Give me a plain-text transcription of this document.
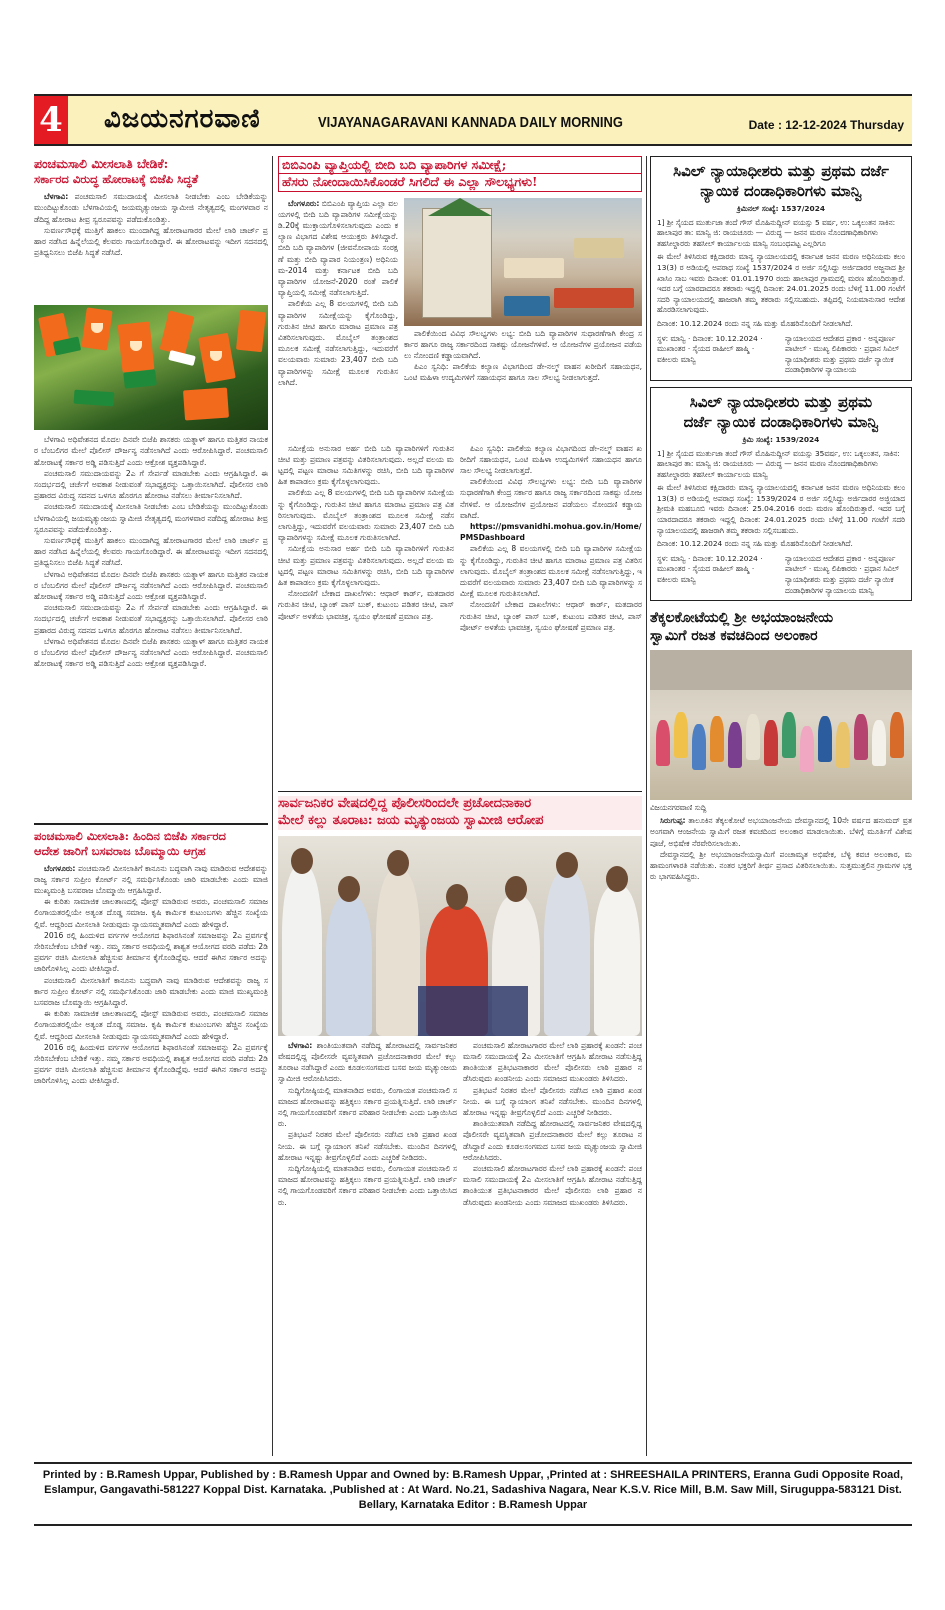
4 ವಿಜಯನಗರವಾಣಿ	VIJAYANAGARAVANI KANNADA DAILY MORNING	Date : 12-12-2024 Thursday
ಪಂಚಮಸಾಲಿ ಮೀಸಲಾತಿ ಬೇಡಿಕೆ:
ಸರ್ಕಾರದ ವಿರುದ್ಧ ಹೋರಾಟಕ್ಕೆ ಬಿಜೆಪಿ ಸಿದ್ಧತೆ

ಬೆಳಗಾವಿ: ಪಂಚಮಸಾಲಿ ಸಮುದಾಯಕ್ಕೆ ಮೀಸಲಾತಿ ನೀಡಬೇಕು ಎಂಬ ಬೇಡಿಕೆಯನ್ನು ಮುಂದಿಟ್ಟುಕೊಂಡು ಬೆಳಗಾವಿಯಲ್ಲಿ ಜಯಮೃತ್ಯುಂಜಯ ಸ್ವಾಮೀಜಿ ನೇತೃತ್ವದಲ್ಲಿ ಮಂಗಳವಾರ ನಡೆದಿದ್ದ ಹೋರಾಟ ತೀವ್ರ ಸ್ವರೂಪವನ್ನು ಪಡೆದುಕೊಂಡಿತ್ತು.

ಸುವರ್ಣಸೌಧಕ್ಕೆ ಮುತ್ತಿಗೆ ಹಾಕಲು ಮುಂದಾಗಿದ್ದ ಹೋರಾಟಗಾರರ ಮೇಲೆ ಲಾಠಿ ಚಾರ್ಜ್ ಪ್ರಹಾರ ನಡೆಸಿದ ಹಿನ್ನೆಲೆಯಲ್ಲಿ ಕೆಲವರು ಗಾಯಗೊಂಡಿದ್ದಾರೆ. ಈ ಹೋರಾಟವನ್ನು ಇದೀಗ ಸದನದಲ್ಲಿ ಪ್ರತಿಧ್ವನಿಸಲು ಬಿಜೆಪಿ ಸಿದ್ಧತೆ ನಡೆಸಿದೆ.

ಬೆಳಗಾವಿ ಅಧಿವೇಶನದ ಮೊದಲ ದಿನವೇ ಬಿಜೆಪಿ ಶಾಸಕರು ಯತ್ನಾಳ್ ಹಾಗೂ ಮತ್ತಿತರ ನಾಯಕರ ಬೆಂಬಲಿಗರ ಮೇಲೆ ಪೊಲೀಸ್ ದೌರ್ಜನ್ಯ ನಡೆಸಲಾಗಿದೆ ಎಂದು ಆರೋಪಿಸಿದ್ದಾರೆ. ಪಂಚಮಸಾಲಿ ಹೋರಾಟಕ್ಕೆ ಸರ್ಕಾರ ಅಡ್ಡಿ ಪಡಿಸುತ್ತಿದೆ ಎಂದು ಆಕ್ರೋಶ ವ್ಯಕ್ತಪಡಿಸಿದ್ದಾರೆ.

ಪಂಚಮಸಾಲಿ ಸಮುದಾಯವನ್ನು 2ಎ ಗೆ ಸೇರ್ಪಡೆ ಮಾಡಬೇಕು ಎಂದು ಆಗ್ರಹಿಸಿದ್ದಾರೆ. ಈ ಸಂದರ್ಭದಲ್ಲಿ ಚರ್ಚೆಗೆ ಅವಕಾಶ ನೀಡುವಂತೆ ಸಭಾಧ್ಯಕ್ಷರನ್ನು ಒತ್ತಾಯಿಸಲಾಗಿದೆ. ಪೊಲೀಸರ ಲಾಠಿ ಪ್ರಹಾರದ ವಿರುದ್ಧ ಸದನದ ಒಳಗೂ ಹೊರಗೂ ಹೋರಾಟ ನಡೆಸಲು ತೀರ್ಮಾನಿಸಲಾಗಿದೆ.

ಪಂಚಮಸಾಲಿ ಸಮುದಾಯಕ್ಕೆ ಮೀಸಲಾತಿ ನೀಡಬೇಕು ಎಂಬ ಬೇಡಿಕೆಯನ್ನು ಮುಂದಿಟ್ಟುಕೊಂಡು ಬೆಳಗಾವಿಯಲ್ಲಿ ಜಯಮೃತ್ಯುಂಜಯ ಸ್ವಾಮೀಜಿ ನೇತೃತ್ವದಲ್ಲಿ ಮಂಗಳವಾರ ನಡೆದಿದ್ದ ಹೋರಾಟ ತೀವ್ರ ಸ್ವರೂಪವನ್ನು ಪಡೆದುಕೊಂಡಿತ್ತು.

ಸುವರ್ಣಸೌಧಕ್ಕೆ ಮುತ್ತಿಗೆ ಹಾಕಲು ಮುಂದಾಗಿದ್ದ ಹೋರಾಟಗಾರರ ಮೇಲೆ ಲಾಠಿ ಚಾರ್ಜ್ ಪ್ರಹಾರ ನಡೆಸಿದ ಹಿನ್ನೆಲೆಯಲ್ಲಿ ಕೆಲವರು ಗಾಯಗೊಂಡಿದ್ದಾರೆ. ಈ ಹೋರಾಟವನ್ನು ಇದೀಗ ಸದನದಲ್ಲಿ ಪ್ರತಿಧ್ವನಿಸಲು ಬಿಜೆಪಿ ಸಿದ್ಧತೆ ನಡೆಸಿದೆ.

ಬೆಳಗಾವಿ ಅಧಿವೇಶನದ ಮೊದಲ ದಿನವೇ ಬಿಜೆಪಿ ಶಾಸಕರು ಯತ್ನಾಳ್ ಹಾಗೂ ಮತ್ತಿತರ ನಾಯಕರ ಬೆಂಬಲಿಗರ ಮೇಲೆ ಪೊಲೀಸ್ ದೌರ್ಜನ್ಯ ನಡೆಸಲಾಗಿದೆ ಎಂದು ಆರೋಪಿಸಿದ್ದಾರೆ. ಪಂಚಮಸಾಲಿ ಹೋರಾಟಕ್ಕೆ ಸರ್ಕಾರ ಅಡ್ಡಿ ಪಡಿಸುತ್ತಿದೆ ಎಂದು ಆಕ್ರೋಶ ವ್ಯಕ್ತಪಡಿಸಿದ್ದಾರೆ.

ಪಂಚಮಸಾಲಿ ಸಮುದಾಯವನ್ನು 2ಎ ಗೆ ಸೇರ್ಪಡೆ ಮಾಡಬೇಕು ಎಂದು ಆಗ್ರಹಿಸಿದ್ದಾರೆ. ಈ ಸಂದರ್ಭದಲ್ಲಿ ಚರ್ಚೆಗೆ ಅವಕಾಶ ನೀಡುವಂತೆ ಸಭಾಧ್ಯಕ್ಷರನ್ನು ಒತ್ತಾಯಿಸಲಾಗಿದೆ. ಪೊಲೀಸರ ಲಾಠಿ ಪ್ರಹಾರದ ವಿರುದ್ಧ ಸದನದ ಒಳಗೂ ಹೊರಗೂ ಹೋರಾಟ ನಡೆಸಲು ತೀರ್ಮಾನಿಸಲಾಗಿದೆ.

ಬೆಳಗಾವಿ ಅಧಿವೇಶನದ ಮೊದಲ ದಿನವೇ ಬಿಜೆಪಿ ಶಾಸಕರು ಯತ್ನಾಳ್ ಹಾಗೂ ಮತ್ತಿತರ ನಾಯಕರ ಬೆಂಬಲಿಗರ ಮೇಲೆ ಪೊಲೀಸ್ ದೌರ್ಜನ್ಯ ನಡೆಸಲಾಗಿದೆ ಎಂದು ಆರೋಪಿಸಿದ್ದಾರೆ. ಪಂಚಮಸಾಲಿ ಹೋರಾಟಕ್ಕೆ ಸರ್ಕಾರ ಅಡ್ಡಿ ಪಡಿಸುತ್ತಿದೆ ಎಂದು ಆಕ್ರೋಶ ವ್ಯಕ್ತಪಡಿಸಿದ್ದಾರೆ.

ಪಂಚಮಸಾಲಿ ಮೀಸಲಾತಿ: ಹಿಂದಿನ ಬಿಜೆಪಿ ಸರ್ಕಾರದ
ಆದೇಶ ಜಾರಿಗೆ ಬಸವರಾಜ ಬೊಮ್ಮಾಯಿ ಆಗ್ರಹ

ಬೆಂಗಳೂರು: ಪಂಚಮಸಾಲಿ ಮೀಸಲಾತಿಗೆ ಕಾನೂನು ಬದ್ಧವಾಗಿ ನಾವು ಮಾಡಿರುವ ಆದೇಶವನ್ನು ರಾಜ್ಯ ಸರ್ಕಾರ ಸುಪ್ರೀಂ ಕೋರ್ಟ್ ನಲ್ಲಿ ಸಮರ್ಥಿಸಿಕೊಂಡು ಜಾರಿ ಮಾಡಬೇಕು ಎಂದು ಮಾಜಿ ಮುಖ್ಯಮಂತ್ರಿ ಬಸವರಾಜ ಬೊಮ್ಮಾಯಿ ಆಗ್ರಹಿಸಿದ್ದಾರೆ.

ಈ ಕುರಿತು ಸಾಮಾಜಿಕ ಜಾಲತಾಣದಲ್ಲಿ ಪೋಸ್ಟ್ ಮಾಡಿರುವ ಅವರು, ಪಂಚಮಸಾಲಿ ಸಮಾಜ ಲಿಂಗಾಯತರಲ್ಲಿಯೇ ಅತ್ಯಂತ ದೊಡ್ಡ ಸಮಾಜ. ಕೃಷಿ ಕಾರ್ಮಿಕ ಕುಟುಂಬಗಳು ಹೆಚ್ಚಿನ ಸಂಖ್ಯೆಯಲ್ಲಿವೆ. ಆದ್ದರಿಂದ ಮೀಸಲಾತಿ ನೀಡುವುದು ನ್ಯಾಯಸಮ್ಮತವಾಗಿದೆ ಎಂದು ಹೇಳಿದ್ದಾರೆ.

2016 ರಲ್ಲಿ ಹಿಂದುಳಿದ ವರ್ಗಗಳ ಆಯೋಗದ ಶಿಫಾರಸಿನಂತೆ ಸಮಾಜವನ್ನು 2ಎ ಪ್ರವರ್ಗಕ್ಕೆ ಸೇರಿಸಬೇಕೆಂಬ ಬೇಡಿಕೆ ಇತ್ತು. ನಮ್ಮ ಸರ್ಕಾರ ಅವಧಿಯಲ್ಲಿ ಶಾಶ್ವತ ಆಯೋಗದ ವರದಿ ಪಡೆದು 2ಡಿ ಪ್ರವರ್ಗ ರಚಿಸಿ ಮೀಸಲಾತಿ ಹೆಚ್ಚಿಸುವ ತೀರ್ಮಾನ ಕೈಗೊಂಡಿದ್ದೆವು. ಆದರೆ ಈಗಿನ ಸರ್ಕಾರ ಅದನ್ನು ಜಾರಿಗೊಳಿಸಿಲ್ಲ ಎಂದು ಟೀಕಿಸಿದ್ದಾರೆ.

ಪಂಚಮಸಾಲಿ ಮೀಸಲಾತಿಗೆ ಕಾನೂನು ಬದ್ಧವಾಗಿ ನಾವು ಮಾಡಿರುವ ಆದೇಶವನ್ನು ರಾಜ್ಯ ಸರ್ಕಾರ ಸುಪ್ರೀಂ ಕೋರ್ಟ್ ನಲ್ಲಿ ಸಮರ್ಥಿಸಿಕೊಂಡು ಜಾರಿ ಮಾಡಬೇಕು ಎಂದು ಮಾಜಿ ಮುಖ್ಯಮಂತ್ರಿ ಬಸವರಾಜ ಬೊಮ್ಮಾಯಿ ಆಗ್ರಹಿಸಿದ್ದಾರೆ.

ಈ ಕುರಿತು ಸಾಮಾಜಿಕ ಜಾಲತಾಣದಲ್ಲಿ ಪೋಸ್ಟ್ ಮಾಡಿರುವ ಅವರು, ಪಂಚಮಸಾಲಿ ಸಮಾಜ ಲಿಂಗಾಯತರಲ್ಲಿಯೇ ಅತ್ಯಂತ ದೊಡ್ಡ ಸಮಾಜ. ಕೃಷಿ ಕಾರ್ಮಿಕ ಕುಟುಂಬಗಳು ಹೆಚ್ಚಿನ ಸಂಖ್ಯೆಯಲ್ಲಿವೆ. ಆದ್ದರಿಂದ ಮೀಸಲಾತಿ ನೀಡುವುದು ನ್ಯಾಯಸಮ್ಮತವಾಗಿದೆ ಎಂದು ಹೇಳಿದ್ದಾರೆ.

2016 ರಲ್ಲಿ ಹಿಂದುಳಿದ ವರ್ಗಗಳ ಆಯೋಗದ ಶಿಫಾರಸಿನಂತೆ ಸಮಾಜವನ್ನು 2ಎ ಪ್ರವರ್ಗಕ್ಕೆ ಸೇರಿಸಬೇಕೆಂಬ ಬೇಡಿಕೆ ಇತ್ತು. ನಮ್ಮ ಸರ್ಕಾರ ಅವಧಿಯಲ್ಲಿ ಶಾಶ್ವತ ಆಯೋಗದ ವರದಿ ಪಡೆದು 2ಡಿ ಪ್ರವರ್ಗ ರಚಿಸಿ ಮೀಸಲಾತಿ ಹೆಚ್ಚಿಸುವ ತೀರ್ಮಾನ ಕೈಗೊಂಡಿದ್ದೆವು. ಆದರೆ ಈಗಿನ ಸರ್ಕಾರ ಅದನ್ನು ಜಾರಿಗೊಳಿಸಿಲ್ಲ ಎಂದು ಟೀಕಿಸಿದ್ದಾರೆ.

ಬಿಬಿಎಂಪಿ ವ್ಯಾಪ್ತಿಯಲ್ಲಿ ಬೀದಿ ಬದಿ ವ್ಯಾಪಾರಿಗಳ ಸಮೀಕ್ಷೆ;
ಹೆಸರು ನೋಂದಾಯಿಸಿಕೊಂಡರೆ ಸಿಗಲಿದೆ ಈ ಎಲ್ಲಾ ಸೌಲಭ್ಯಗಳು!

ಬೆಂಗಳೂರು: ಬಿಬಿಎಂಪಿ ವ್ಯಾಪ್ತಿಯ ಎಲ್ಲಾ ವಲಯಗಳಲ್ಲಿ ಬೀದಿ ಬದಿ ವ್ಯಾಪಾರಿಗಳ ಸಮೀಕ್ಷೆಯನ್ನು ಡಿ.20ಕ್ಕೆ ಮುಕ್ತಾಯಗೊಳಿಸಲಾಗುವುದು ಎಂದು ಕಲ್ಯಾಣ ವಿಭಾಗದ ವಿಶೇಷ ಆಯುಕ್ತರು ತಿಳಿಸಿದ್ದಾರೆ. ಬೀದಿ ಬದಿ ವ್ಯಾಪಾರಿಗಳ (ಜೀವನೋಪಾಯ ಸಂರಕ್ಷಣೆ ಮತ್ತು ಬೀದಿ ವ್ಯಾಪಾರ ನಿಯಂತ್ರಣ) ಅಧಿನಿಯಮ-2014 ಮತ್ತು ಕರ್ನಾಟಕ ಬೀದಿ ಬದಿ ವ್ಯಾಪಾರಿಗಳ ಯೋಜನೆ-2020 ರಂತೆ ಪಾಲಿಕೆ ವ್ಯಾಪ್ತಿಯಲ್ಲಿ ಸಮೀಕ್ಷೆ ನಡೆಸಲಾಗುತ್ತಿದೆ.

ಪಾಲಿಕೆಯ ಎಲ್ಲ 8 ವಲಯಗಳಲ್ಲಿ ಬೀದಿ ಬದಿ ವ್ಯಾಪಾರಿಗಳ ಸಮೀಕ್ಷೆಯನ್ನು ಕೈಗೊಂಡಿದ್ದು, ಗುರುತಿನ ಚೀಟಿ ಹಾಗೂ ಮಾರಾಟ ಪ್ರಮಾಣ ಪತ್ರ ವಿತರಿಸಲಾಗುವುದು. ಮೊಬೈಲ್ ತಂತ್ರಾಂಶದ ಮೂಲಕ ಸಮೀಕ್ಷೆ ನಡೆಸಲಾಗುತ್ತಿದ್ದು, ಇದುವರೆಗೆ ವಲಯವಾರು ಸುಮಾರು 23,407 ಬೀದಿ ಬದಿ ವ್ಯಾಪಾರಿಗಳನ್ನು ಸಮೀಕ್ಷೆ ಮೂಲಕ ಗುರುತಿಸಲಾಗಿದೆ.

ಪಾಲಿಕೆಯಿಂದ ವಿವಿಧ ಸೌಲಭ್ಯಗಳು ಲಭ್ಯ: ಬೀದಿ ಬದಿ ವ್ಯಾಪಾರಿಗಳ ಸುಧಾರಣೆಗಾಗಿ ಕೇಂದ್ರ ಸರ್ಕಾರ ಹಾಗೂ ರಾಜ್ಯ ಸರ್ಕಾರದಿಂದ ಸಾಕಷ್ಟು ಯೋಜನೆಗಳಿವೆ. ಆ ಯೋಜನೆಗಳ ಪ್ರಯೋಜನ ಪಡೆಯಲು ನೋಂದಣಿ ಕಡ್ಡಾಯವಾಗಿದೆ.

ಪಿಎಂ ಸ್ವನಿಧಿ: ಪಾಲಿಕೆಯ ಕಲ್ಯಾಣ ವಿಭಾಗದಿಂದ ಡೇ-ನಲ್ಮ್ ವಾಹನ ಖರೀದಿಗೆ ಸಹಾಯಧನ, ಒಂಟಿ ಮಹಿಳಾ ಉದ್ಯಮಿಗಳಿಗೆ ಸಹಾಯಧನ ಹಾಗೂ ಸಾಲ ಸೌಲಭ್ಯ ನೀಡಲಾಗುತ್ತದೆ.

ಸಮೀಕ್ಷೆಯ ಅನುಸಾರ ಅರ್ಹ ಬೀದಿ ಬದಿ ವ್ಯಾಪಾರಿಗಳಿಗೆ ಗುರುತಿನ ಚೀಟಿ ಮತ್ತು ಪ್ರಮಾಣ ಪತ್ರವನ್ನು ವಿತರಿಸಲಾಗುವುದು. ಅಲ್ಲದೆ ವಲಯ ಮಟ್ಟದಲ್ಲಿ ಪಟ್ಟಣ ಮಾರಾಟ ಸಮಿತಿಗಳನ್ನು ರಚಿಸಿ, ಬೀದಿ ಬದಿ ವ್ಯಾಪಾರಿಗಳ ಹಿತ ಕಾಪಾಡಲು ಕ್ರಮ ಕೈಗೊಳ್ಳಲಾಗುವುದು.

ಪಾಲಿಕೆಯ ಎಲ್ಲ 8 ವಲಯಗಳಲ್ಲಿ ಬೀದಿ ಬದಿ ವ್ಯಾಪಾರಿಗಳ ಸಮೀಕ್ಷೆಯನ್ನು ಕೈಗೊಂಡಿದ್ದು, ಗುರುತಿನ ಚೀಟಿ ಹಾಗೂ ಮಾರಾಟ ಪ್ರಮಾಣ ಪತ್ರ ವಿತರಿಸಲಾಗುವುದು. ಮೊಬೈಲ್ ತಂತ್ರಾಂಶದ ಮೂಲಕ ಸಮೀಕ್ಷೆ ನಡೆಸಲಾಗುತ್ತಿದ್ದು, ಇದುವರೆಗೆ ವಲಯವಾರು ಸುಮಾರು 23,407 ಬೀದಿ ಬದಿ ವ್ಯಾಪಾರಿಗಳನ್ನು ಸಮೀಕ್ಷೆ ಮೂಲಕ ಗುರುತಿಸಲಾಗಿದೆ.

ಸಮೀಕ್ಷೆಯ ಅನುಸಾರ ಅರ್ಹ ಬೀದಿ ಬದಿ ವ್ಯಾಪಾರಿಗಳಿಗೆ ಗುರುತಿನ ಚೀಟಿ ಮತ್ತು ಪ್ರಮಾಣ ಪತ್ರವನ್ನು ವಿತರಿಸಲಾಗುವುದು. ಅಲ್ಲದೆ ವಲಯ ಮಟ್ಟದಲ್ಲಿ ಪಟ್ಟಣ ಮಾರಾಟ ಸಮಿತಿಗಳನ್ನು ರಚಿಸಿ, ಬೀದಿ ಬದಿ ವ್ಯಾಪಾರಿಗಳ ಹಿತ ಕಾಪಾಡಲು ಕ್ರಮ ಕೈಗೊಳ್ಳಲಾಗುವುದು.

ನೋಂದಣಿಗೆ ಬೇಕಾದ ದಾಖಲೆಗಳು: ಆಧಾರ್ ಕಾರ್ಡ್, ಮತದಾರರ ಗುರುತಿನ ಚೀಟಿ, ಬ್ಯಾಂಕ್ ಪಾಸ್ ಬುಕ್, ಕುಟುಂಬ ಪಡಿತರ ಚೀಟಿ, ಪಾಸ್ ಪೋರ್ಟ್ ಅಳತೆಯ ಭಾವಚಿತ್ರ, ಸ್ವಯಂ ಘೋಷಣೆ ಪ್ರಮಾಣ ಪತ್ರ.

ಪಿಎಂ ಸ್ವನಿಧಿ: ಪಾಲಿಕೆಯ ಕಲ್ಯಾಣ ವಿಭಾಗದಿಂದ ಡೇ-ನಲ್ಮ್ ವಾಹನ ಖರೀದಿಗೆ ಸಹಾಯಧನ, ಒಂಟಿ ಮಹಿಳಾ ಉದ್ಯಮಿಗಳಿಗೆ ಸಹಾಯಧನ ಹಾಗೂ ಸಾಲ ಸೌಲಭ್ಯ ನೀಡಲಾಗುತ್ತದೆ.

ಪಾಲಿಕೆಯಿಂದ ವಿವಿಧ ಸೌಲಭ್ಯಗಳು ಲಭ್ಯ: ಬೀದಿ ಬದಿ ವ್ಯಾಪಾರಿಗಳ ಸುಧಾರಣೆಗಾಗಿ ಕೇಂದ್ರ ಸರ್ಕಾರ ಹಾಗೂ ರಾಜ್ಯ ಸರ್ಕಾರದಿಂದ ಸಾಕಷ್ಟು ಯೋಜನೆಗಳಿವೆ. ಆ ಯೋಜನೆಗಳ ಪ್ರಯೋಜನ ಪಡೆಯಲು ನೋಂದಣಿ ಕಡ್ಡಾಯವಾಗಿದೆ.

https://pmsvanidhi.mohua.gov.in/Home/PMSDashboard

ಪಾಲಿಕೆಯ ಎಲ್ಲ 8 ವಲಯಗಳಲ್ಲಿ ಬೀದಿ ಬದಿ ವ್ಯಾಪಾರಿಗಳ ಸಮೀಕ್ಷೆಯನ್ನು ಕೈಗೊಂಡಿದ್ದು, ಗುರುತಿನ ಚೀಟಿ ಹಾಗೂ ಮಾರಾಟ ಪ್ರಮಾಣ ಪತ್ರ ವಿತರಿಸಲಾಗುವುದು. ಮೊಬೈಲ್ ತಂತ್ರಾಂಶದ ಮೂಲಕ ಸಮೀಕ್ಷೆ ನಡೆಸಲಾಗುತ್ತಿದ್ದು, ಇದುವರೆಗೆ ವಲಯವಾರು ಸುಮಾರು 23,407 ಬೀದಿ ಬದಿ ವ್ಯಾಪಾರಿಗಳನ್ನು ಸಮೀಕ್ಷೆ ಮೂಲಕ ಗುರುತಿಸಲಾಗಿದೆ.

ನೋಂದಣಿಗೆ ಬೇಕಾದ ದಾಖಲೆಗಳು: ಆಧಾರ್ ಕಾರ್ಡ್, ಮತದಾರರ ಗುರುತಿನ ಚೀಟಿ, ಬ್ಯಾಂಕ್ ಪಾಸ್ ಬುಕ್, ಕುಟುಂಬ ಪಡಿತರ ಚೀಟಿ, ಪಾಸ್ ಪೋರ್ಟ್ ಅಳತೆಯ ಭಾವಚಿತ್ರ, ಸ್ವಯಂ ಘೋಷಣೆ ಪ್ರಮಾಣ ಪತ್ರ.

ಸಾರ್ವಜನಿಕರ ವೇಷದಲ್ಲಿದ್ದ ಪೊಲೀಸರಿಂದಲೇ ಪ್ರಚೋದನಾಕಾರ
ಮೇಲೆ ಕಲ್ಲು ತೂರಾಟ: ಜಯ ಮೃತ್ಯುಂಜಯ ಸ್ವಾಮೀಜಿ ಆರೋಪ

ಬೆಳಗಾವಿ: ಶಾಂತಿಯುತವಾಗಿ ನಡೆದಿದ್ದ ಹೋರಾಟದಲ್ಲಿ ಸಾರ್ವಜನಿಕರ ವೇಷದಲ್ಲಿದ್ದ ಪೊಲೀಸರೇ ವ್ಯವಸ್ಥಿತವಾಗಿ ಪ್ರಚೋದನಾಕಾರರ ಮೇಲೆ ಕಲ್ಲು ತೂರಾಟ ನಡೆಸಿದ್ದಾರೆ ಎಂದು ಕೂಡಲಸಂಗಮದ ಬಸವ ಜಯ ಮೃತ್ಯುಂಜಯ ಸ್ವಾಮೀಜಿ ಆರೋಪಿಸಿದರು.

ಸುದ್ದಿಗೋಷ್ಠಿಯಲ್ಲಿ ಮಾತನಾಡಿದ ಅವರು, ಲಿಂಗಾಯತ ಪಂಚಮಸಾಲಿ ಸಮಾಜದ ಹೋರಾಟವನ್ನು ಹತ್ತಿಕ್ಕಲು ಸರ್ಕಾರ ಪ್ರಯತ್ನಿಸುತ್ತಿದೆ. ಲಾಠಿ ಚಾರ್ಜ್ ನಲ್ಲಿ ಗಾಯಗೊಂಡವರಿಗೆ ಸರ್ಕಾರ ಪರಿಹಾರ ನೀಡಬೇಕು ಎಂದು ಒತ್ತಾಯಿಸಿದರು.

ಪ್ರತಿಭಟನೆ ನಿರತರ ಮೇಲೆ ಪೊಲೀಸರು ನಡೆಸಿದ ಲಾಠಿ ಪ್ರಹಾರ ಖಂಡನೀಯ. ಈ ಬಗ್ಗೆ ನ್ಯಾಯಾಂಗ ತನಿಖೆ ನಡೆಸಬೇಕು. ಮುಂದಿನ ದಿನಗಳಲ್ಲಿ ಹೋರಾಟ ಇನ್ನಷ್ಟು ತೀವ್ರಗೊಳ್ಳಲಿದೆ ಎಂದು ಎಚ್ಚರಿಕೆ ನೀಡಿದರು.

ಸುದ್ದಿಗೋಷ್ಠಿಯಲ್ಲಿ ಮಾತನಾಡಿದ ಅವರು, ಲಿಂಗಾಯತ ಪಂಚಮಸಾಲಿ ಸಮಾಜದ ಹೋರಾಟವನ್ನು ಹತ್ತಿಕ್ಕಲು ಸರ್ಕಾರ ಪ್ರಯತ್ನಿಸುತ್ತಿದೆ. ಲಾಠಿ ಚಾರ್ಜ್ ನಲ್ಲಿ ಗಾಯಗೊಂಡವರಿಗೆ ಸರ್ಕಾರ ಪರಿಹಾರ ನೀಡಬೇಕು ಎಂದು ಒತ್ತಾಯಿಸಿದರು.

ಪಂಚಮಸಾಲಿ ಹೋರಾಟಗಾರರ ಮೇಲೆ ಲಾಠಿ ಪ್ರಹಾರಕ್ಕೆ ಖಂಡನೆ: ಪಂಚಮಸಾಲಿ ಸಮುದಾಯಕ್ಕೆ 2ಎ ಮೀಸಲಾತಿಗೆ ಆಗ್ರಹಿಸಿ ಹೋರಾಟ ನಡೆಸುತ್ತಿದ್ದ ಶಾಂತಿಯುತ ಪ್ರತಿಭಟನಾಕಾರರ ಮೇಲೆ ಪೊಲೀಸರು ಲಾಠಿ ಪ್ರಹಾರ ನಡೆಸಿರುವುದು ಖಂಡನೀಯ ಎಂದು ಸಮಾಜದ ಮುಖಂಡರು ತಿಳಿಸಿದರು.

ಪ್ರತಿಭಟನೆ ನಿರತರ ಮೇಲೆ ಪೊಲೀಸರು ನಡೆಸಿದ ಲಾಠಿ ಪ್ರಹಾರ ಖಂಡನೀಯ. ಈ ಬಗ್ಗೆ ನ್ಯಾಯಾಂಗ ತನಿಖೆ ನಡೆಸಬೇಕು. ಮುಂದಿನ ದಿನಗಳಲ್ಲಿ ಹೋರಾಟ ಇನ್ನಷ್ಟು ತೀವ್ರಗೊಳ್ಳಲಿದೆ ಎಂದು ಎಚ್ಚರಿಕೆ ನೀಡಿದರು.

ಶಾಂತಿಯುತವಾಗಿ ನಡೆದಿದ್ದ ಹೋರಾಟದಲ್ಲಿ ಸಾರ್ವಜನಿಕರ ವೇಷದಲ್ಲಿದ್ದ ಪೊಲೀಸರೇ ವ್ಯವಸ್ಥಿತವಾಗಿ ಪ್ರಚೋದನಾಕಾರರ ಮೇಲೆ ಕಲ್ಲು ತೂರಾಟ ನಡೆಸಿದ್ದಾರೆ ಎಂದು ಕೂಡಲಸಂಗಮದ ಬಸವ ಜಯ ಮೃತ್ಯುಂಜಯ ಸ್ವಾಮೀಜಿ ಆರೋಪಿಸಿದರು.

ಪಂಚಮಸಾಲಿ ಹೋರಾಟಗಾರರ ಮೇಲೆ ಲಾಠಿ ಪ್ರಹಾರಕ್ಕೆ ಖಂಡನೆ: ಪಂಚಮಸಾಲಿ ಸಮುದಾಯಕ್ಕೆ 2ಎ ಮೀಸಲಾತಿಗೆ ಆಗ್ರಹಿಸಿ ಹೋರಾಟ ನಡೆಸುತ್ತಿದ್ದ ಶಾಂತಿಯುತ ಪ್ರತಿಭಟನಾಕಾರರ ಮೇಲೆ ಪೊಲೀಸರು ಲಾಠಿ ಪ್ರಹಾರ ನಡೆಸಿರುವುದು ಖಂಡನೀಯ ಎಂದು ಸಮಾಜದ ಮುಖಂಡರು ತಿಳಿಸಿದರು.

ಸಿವಿಲ್ ನ್ಯಾಯಾಧೀಶರು ಮತ್ತು ಪ್ರಥಮ ದರ್ಜೆ
ನ್ಯಾಯಿಕ ದಂಡಾಧಿಕಾರಿಗಳು ಮಾನ್ವಿ
ಕ್ರಿಮಿನಲ್ ಸಂಖ್ಯೆ: 1537/2024
1] ಶ್ರೀ ಸೈಯದ ಮುರ್ತುಜಾ ತಂದೆ ಗೌಸ್ ಮೊಹಿನುದ್ದೀನ್ ವಯಸ್ಸು 5 ವರ್ಷ, ಉ: ಒಕ್ಕಲುತನ ಸಾಕಿನ: ಹಾಲಾಪುರ ತಾ: ಮಾನ್ವಿ ಜಿ: ರಾಯಚೂರು — ವಿರುದ್ಧ — ಜನನ ಮರಣ ನೊಂದಣಾಧಿಕಾರಿಗಳು ತಹಸೀಲ್ದಾರರು ತಹಸೀಲ್ ಕಾರ್ಯಾಲಯ ಮಾನ್ವಿ ಸಂಬಂಧಪಟ್ಟ ಎಲ್ಲರಿಗೂ
ಈ ಮೇಲೆ ತಿಳಿಸಿರುವ ಕಕ್ಷಿದಾರರು ಮಾನ್ಯ ನ್ಯಾಯಾಲಯದಲ್ಲಿ ಕರ್ನಾಟಕ ಜನನ ಮರಣ ಅಧಿನಿಯಮ ಕಲಂ 13(3) ರ ಅಡಿಯಲ್ಲಿ ಅಪರಾಧ ಸಂಖ್ಯೆ 1537/2024 ರ ಅರ್ಜಿ ಸಲ್ಲಿಸಿದ್ದು ಅರ್ಜಿದಾರರ ಅಜ್ಜನಾದ ಶ್ರೀ ಖಾಸಿಂ ಸಾಬ ಇವರು ದಿನಾಂಕ: 01.01.1970 ರಂದು ಹಾಲಾಪುರ ಗ್ರಾಮದಲ್ಲಿ ಮರಣ ಹೊಂದಿರುತ್ತಾರೆ. ಇದರ ಬಗ್ಗೆ ಯಾರದಾದರೂ ತಕರಾರು ಇದ್ದಲ್ಲಿ ದಿನಾಂಕ: 24.01.2025 ರಂದು ಬೆಳಿಗ್ಗೆ 11.00 ಗಂಟೆಗೆ ಸದರಿ ನ್ಯಾಯಾಲಯದಲ್ಲಿ ಹಾಜರಾಗಿ ತಮ್ಮ ತಕರಾರು ಸಲ್ಲಿಸಬಹುದು. ತಪ್ಪಿದಲ್ಲಿ ನಿಯಮಾನುಸಾರ ಆದೇಶ ಹೊರಡಿಸಲಾಗುವುದು.
ದಿನಾಂಕ: 10.12.2024 ರಂದು ನನ್ನ ಸಹಿ ಮತ್ತು ಮೊಹರಿನೊಂದಿಗೆ ನೀಡಲಾಗಿದೆ.
ಸ್ಥಳ: ಮಾನ್ವಿ · ದಿನಾಂಕ: 10.12.2024 · ಮುಖಾಂತರ · ಸೈಯದ ರಾಹೀಲ್ ಹಾಷ್ಮಿ · ವಕೀಲರು ಮಾನ್ವಿ
ನ್ಯಾಯಾಲಯದ ಆದೇಶದ ಪ್ರಕಾರ · ಅನ್ನಪೂರ್ಣ ಪಾಟೀಲ್ · ಮುಖ್ಯ ಲಿಪಿಕಾರರು · ಪ್ರಧಾನ ಸಿವಿಲ್ ನ್ಯಾಯಾಧೀಶರು ಮತ್ತು ಪ್ರಥಮ ದರ್ಜೆ ನ್ಯಾಯಿಕ ದಂಡಾಧಿಕಾರಿಗಳ ನ್ಯಾಯಾಲಯ
ಸಿವಿಲ್ ನ್ಯಾಯಾಧೀಶರು ಮತ್ತು ಪ್ರಥಮ
ದರ್ಜೆ ನ್ಯಾಯಿಕ ದಂಡಾಧಿಕಾರಿಗಳು ಮಾನ್ವಿ
ಕ್ರಿಮಿ ಸಂಖ್ಯೆ: 1539/2024
1] ಶ್ರೀ ಸೈಯದ ಮುರ್ತುಜಾ ತಂದೆ ಗೌಸ್ ಮೊಹಿನುದ್ದೀನ್ ವಯಸ್ಸು 35ವರ್ಷ, ಉ: ಒಕ್ಕಲುತನ, ಸಾಕಿನ: ಹಾಲಾಪುರ ತಾ: ಮಾನ್ವಿ ಜಿ: ರಾಯಚೂರು — ವಿರುದ್ಧ — ಜನನ ಮರಣ ನೊಂದಣಾಧಿಕಾರಿಗಳು ತಹಸೀಲ್ದಾರರು ತಹಸೀಲ್ ಕಾರ್ಯಾಲಯ ಮಾನ್ವಿ
ಈ ಮೇಲೆ ತಿಳಿಸಿರುವ ಕಕ್ಷಿದಾರರು ಮಾನ್ಯ ನ್ಯಾಯಾಲಯದಲ್ಲಿ ಕರ್ನಾಟಕ ಜನನ ಮರಣ ಅಧಿನಿಯಮ ಕಲಂ 13(3) ರ ಅಡಿಯಲ್ಲಿ ಅಪರಾಧ ಸಂಖ್ಯೆ: 1539/2024 ರ ಅರ್ಜಿ ಸಲ್ಲಿಸಿದ್ದು ಅರ್ಜಿದಾರರ ಅಜ್ಜಿಯಾದ ಶ್ರೀಮತಿ ಮಹಬೂಬಿ ಇವರು ದಿನಾಂಕ: 25.04.2016 ರಂದು ಮರಣ ಹೊಂದಿರುತ್ತಾರೆ. ಇದರ ಬಗ್ಗೆ ಯಾರದಾದರೂ ತಕರಾರು ಇದ್ದಲ್ಲಿ ದಿನಾಂಕ: 24.01.2025 ರಂದು ಬೆಳಿಗ್ಗೆ 11.00 ಗಂಟೆಗೆ ಸದರಿ ನ್ಯಾಯಾಲಯದಲ್ಲಿ ಹಾಜರಾಗಿ ತಮ್ಮ ತಕರಾರು ಸಲ್ಲಿಸಬಹುದು.
ದಿನಾಂಕ: 10.12.2024 ರಂದು ನನ್ನ ಸಹಿ ಮತ್ತು ಮೊಹರಿನೊಂದಿಗೆ ನೀಡಲಾಗಿದೆ.
ಸ್ಥಳ: ಮಾನ್ವಿ · ದಿನಾಂಕ: 10.12.2024 · ಮುಖಾಂತರ · ಸೈಯದ ರಾಹೀಲ್ ಹಾಷ್ಮಿ · ವಕೀಲರು ಮಾನ್ವಿ
ನ್ಯಾಯಾಲಯದ ಆದೇಶದ ಪ್ರಕಾರ · ಅನ್ನಪೂರ್ಣ ಪಾಟೀಲ್ · ಮುಖ್ಯ ಲಿಪಿಕಾರರು · ಪ್ರಧಾನ ಸಿವಿಲ್ ನ್ಯಾಯಾಧೀಶರು ಮತ್ತು ಪ್ರಥಮ ದರ್ಜೆ ನ್ಯಾಯಿಕ ದಂಡಾಧಿಕಾರಿಗಳ ನ್ಯಾಯಾಲಯ ಮಾನ್ವಿ
ತೆಕ್ಕಲಕೋಟೆಯಲ್ಲಿ ಶ್ರೀ ಅಭಯಾಂಜನೇಯ
ಸ್ವಾಮಿಗೆ ರಜತ ಕವಚದಿಂದ ಅಲಂಕಾರ
ವಿಜಯನಗರವಾಣಿ ಸುದ್ದಿ

ಸಿರುಗುಪ್ಪ: ತಾಲೂಕಿನ ತೆಕ್ಕಲಕೋಟೆ ಅಭಯಾಂಜನೇಯ ದೇವಸ್ಥಾನದಲ್ಲಿ 10ನೇ ವರ್ಷದ ಹನುಮದ್ ವ್ರತ ಅಂಗವಾಗಿ ಆಂಜನೇಯ ಸ್ವಾಮಿಗೆ ರಜತ ಕವಚದಿಂದ ಅಲಂಕಾರ ಮಾಡಲಾಯಿತು. ಬೆಳಿಗ್ಗೆ ಮೂರ್ತಿಗೆ ವಿಶೇಷ ಪೂಜೆ, ಅಭಿಷೇಕ ನೆರವೇರಿಸಲಾಯಿತು.

ದೇವಸ್ಥಾನದಲ್ಲಿ ಶ್ರೀ ಅಭಯಾಂಜನೇಯಸ್ವಾಮಿಗೆ ಪಂಚಾಮೃತ ಅಭಿಷೇಕ, ಬೆಳ್ಳಿ ಕವಚ ಅಲಂಕಾರ, ಮಹಾಮಂಗಳಾರತಿ ನಡೆಯಿತು. ನಂತರ ಭಕ್ತರಿಗೆ ತೀರ್ಥ ಪ್ರಸಾದ ವಿತರಿಸಲಾಯಿತು. ಸುತ್ತಮುತ್ತಲಿನ ಗ್ರಾಮಗಳ ಭಕ್ತರು ಭಾಗವಹಿಸಿದ್ದರು.

Printed by : B.Ramesh Uppar, Published by : B.Ramesh Uppar and Owned by: B.Ramesh Uppar, ,Printed at : SHREESHAILA PRINTERS, Eranna Gudi Opposite Road,
Eslampur, Gangavathi-581227 Koppal Dist. Karnataka. ,Published at : At Ward. No.21, Sadashiva Nagara, Near K.S.V. Rice Mill, B.M. Saw Mill, Siruguppa-583121 Dist.
Bellary, Karnataka Editor : B.Ramesh Uppar
